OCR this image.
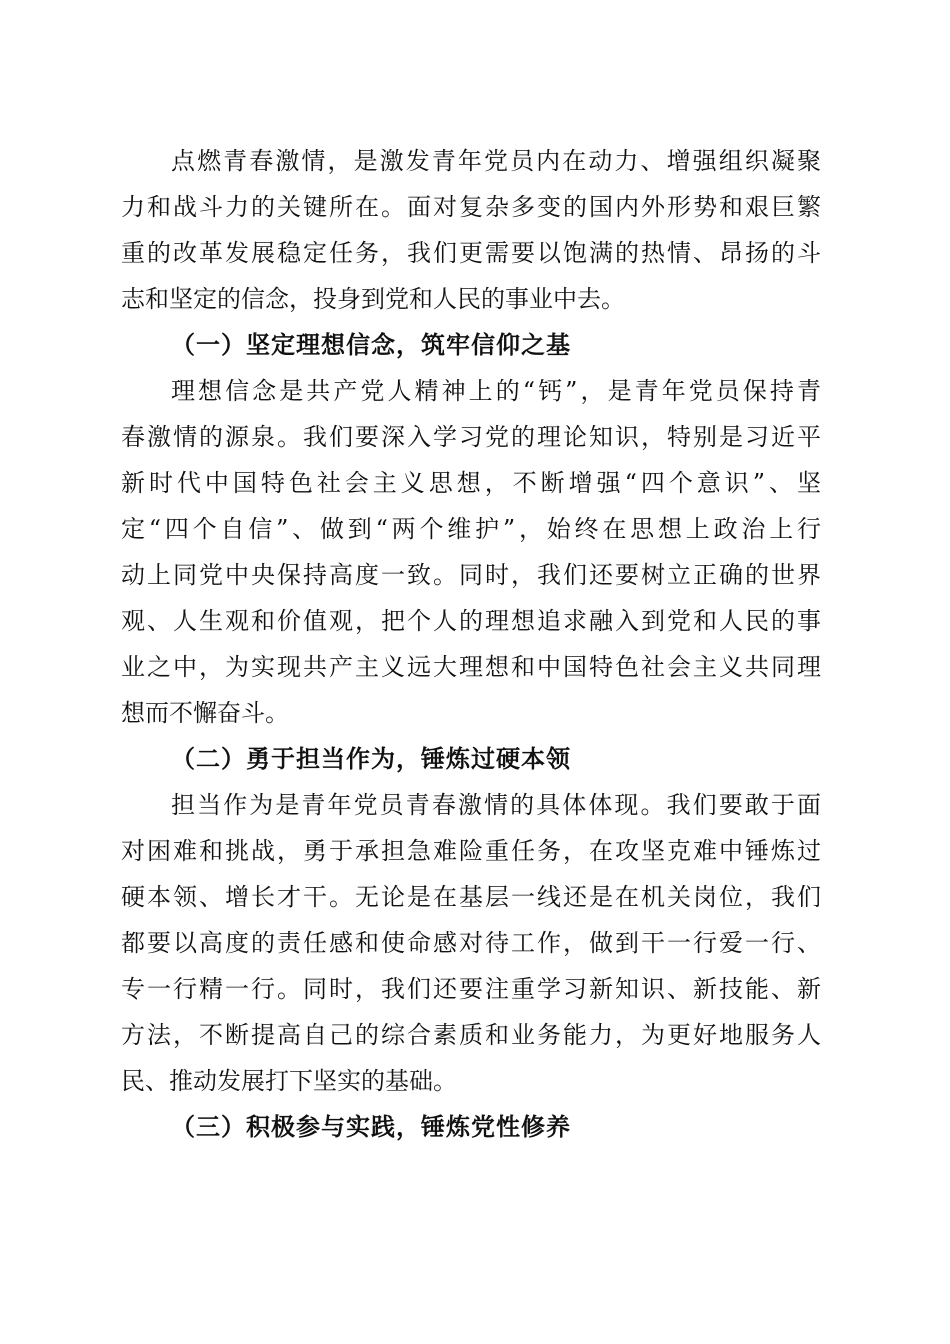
点燃青春激情，是激发青年党员内在动力、增强组织凝聚
力和战斗力的关键所在。面对复杂多变的国内外形势和艰巨繁
重的改革发展稳定任务，我们更需要以饱满的热情、昂扬的斗
志和坚定的信念，投身到党和人民的事业中去。
（一）坚定理想信念，筑牢信仰之基
理想信念是共产党人精神上的“钙”，是青年党员保持青
春激情的源泉。我们要深入学习党的理论知识，特别是习近平
新时代中国特色社会主义思想，不断增强“四个意识”、坚
定“四个自信”、做到“两个维护”，始终在思想上政治上行
动上同党中央保持高度一致。同时，我们还要树立正确的世界
观、人生观和价值观，把个人的理想追求融入到党和人民的事
业之中，为实现共产主义远大理想和中国特色社会主义共同理
想而不懈奋斗。
（二）勇于担当作为，锤炼过硬本领
担当作为是青年党员青春激情的具体体现。我们要敢于面
对困难和挑战，勇于承担急难险重任务，在攻坚克难中锤炼过
硬本领、增长才干。无论是在基层一线还是在机关岗位，我们
都要以高度的责任感和使命感对待工作，做到干一行爱一行、
专一行精一行。同时，我们还要注重学习新知识、新技能、新
方法，不断提高自己的综合素质和业务能力，为更好地服务人
民、推动发展打下坚实的基础。
（三）积极参与实践，锤炼党性修养
